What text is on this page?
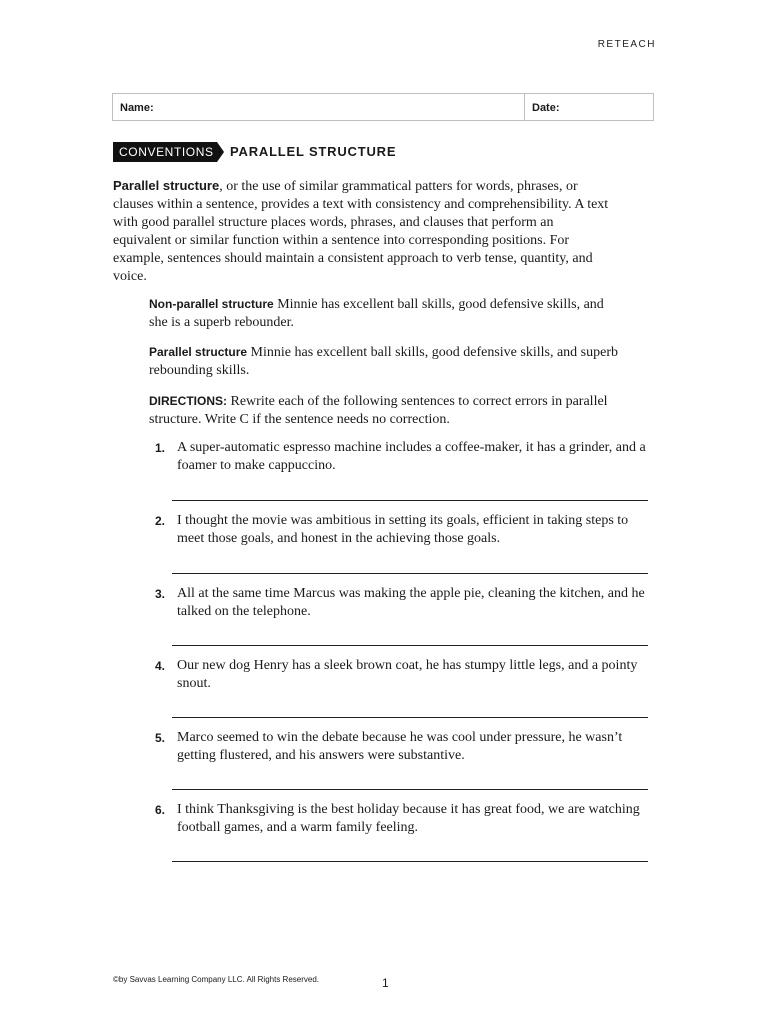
RETEACH
Name:	Date:
CONVENTIONS PARALLEL STRUCTURE
Parallel structure, or the use of similar grammatical patters for words, phrases, or clauses within a sentence, provides a text with consistency and comprehensibility. A text with good parallel structure places words, phrases, and clauses that perform an equivalent or similar function within a sentence into corresponding positions. For example, sentences should maintain a consistent approach to verb tense, quantity, and voice.
Non-parallel structure Minnie has excellent ball skills, good defensive skills, and she is a superb rebounder.
Parallel structure Minnie has excellent ball skills, good defensive skills, and superb rebounding skills.
DIRECTIONS: Rewrite each of the following sentences to correct errors in parallel structure. Write C if the sentence needs no correction.
1. A super-automatic espresso machine includes a coffee-maker, it has a grinder, and a foamer to make cappuccino.
2. I thought the movie was ambitious in setting its goals, efficient in taking steps to meet those goals, and honest in the achieving those goals.
3. All at the same time Marcus was making the apple pie, cleaning the kitchen, and he talked on the telephone.
4. Our new dog Henry has a sleek brown coat, he has stumpy little legs, and a pointy snout.
5. Marco seemed to win the debate because he was cool under pressure, he wasn’t getting flustered, and his answers were substantive.
6. I think Thanksgiving is the best holiday because it has great food, we are watching football games, and a warm family feeling.
©by Savvas Learning Company LLC. All Rights Reserved.	1
